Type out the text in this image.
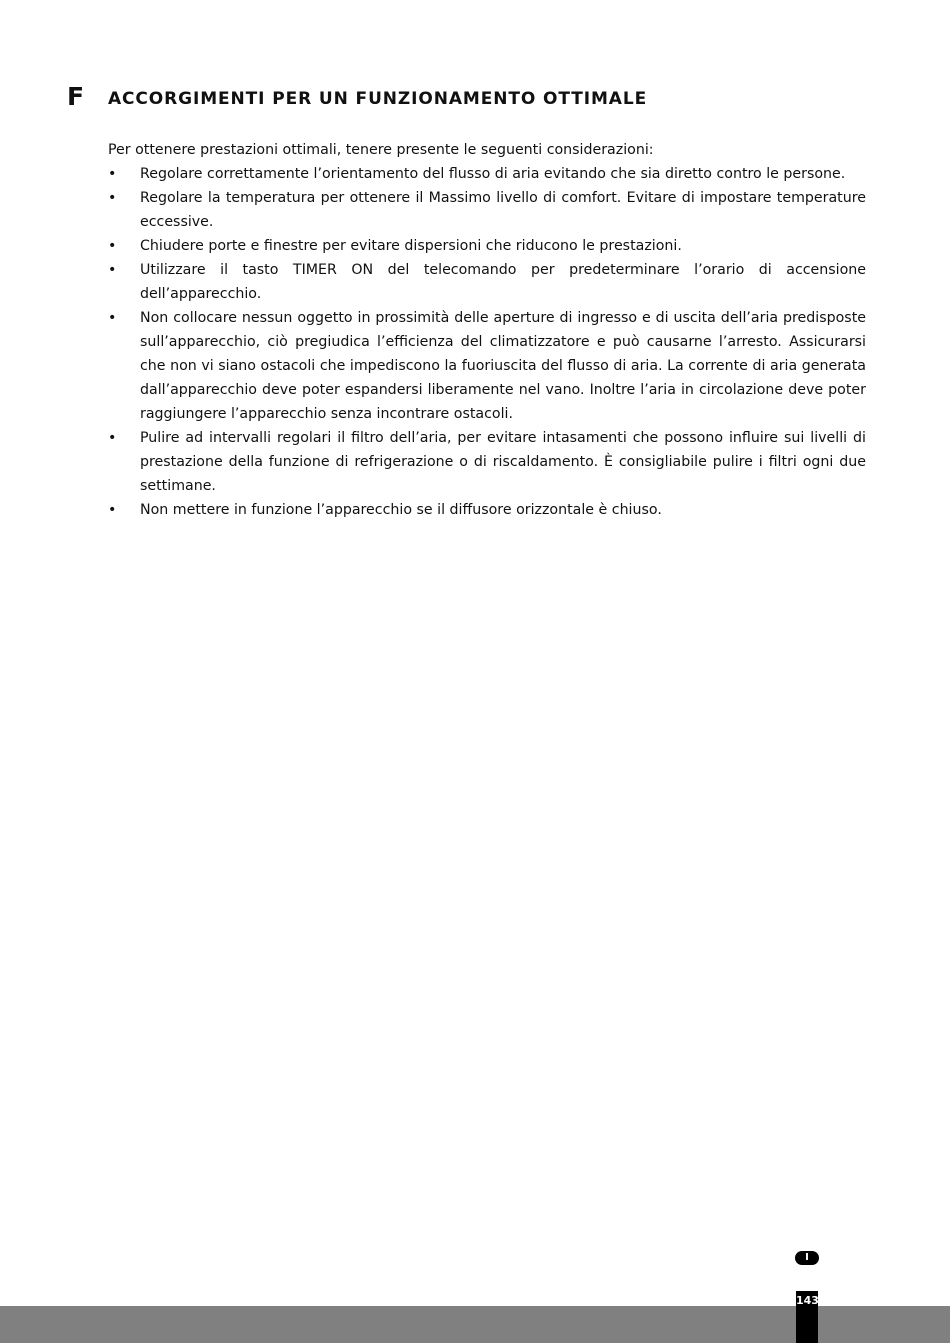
F ACCORGIMENTI PER UN FUNZIONAMENTO OTTIMALE

Per ottenere prestazioni ottimali, tenere presente le seguenti considerazioni:

• Regolare correttamente l’orientamento del flusso di aria evitando che sia diretto contro le persone.
• Regolare la temperatura per ottenere il Massimo livello di comfort. Evitare di impostare temperature eccessive.
• Chiudere porte e finestre per evitare dispersioni che riducono le prestazioni.
• Utilizzare il tasto TIMER ON del telecomando per predeterminare l’orario di accensione dell’apparecchio.
• Non collocare nessun oggetto in prossimità delle aperture di ingresso e di uscita dell’aria predisposte sull’apparecchio, ciò pregiudica l’efficienza del climatizzatore e può causarne l’arresto. Assicurarsi che non vi siano ostacoli che impediscono la fuoriuscita del flusso di aria. La corrente di aria generata dall’apparecchio deve poter espandersi liberamente nel vano. Inoltre l’aria in circolazione deve poter raggiungere l’apparecchio senza incontrare ostacoli.
• Pulire ad intervalli regolari il filtro dell’aria, per evitare intasamenti che possono influire sui livelli di prestazione della funzione di refrigerazione o di riscaldamento. È consigliabile pulire i filtri ogni due settimane.
• Non mettere in funzione l’apparecchio se il diffusore orizzontale è chiuso.
I
143
